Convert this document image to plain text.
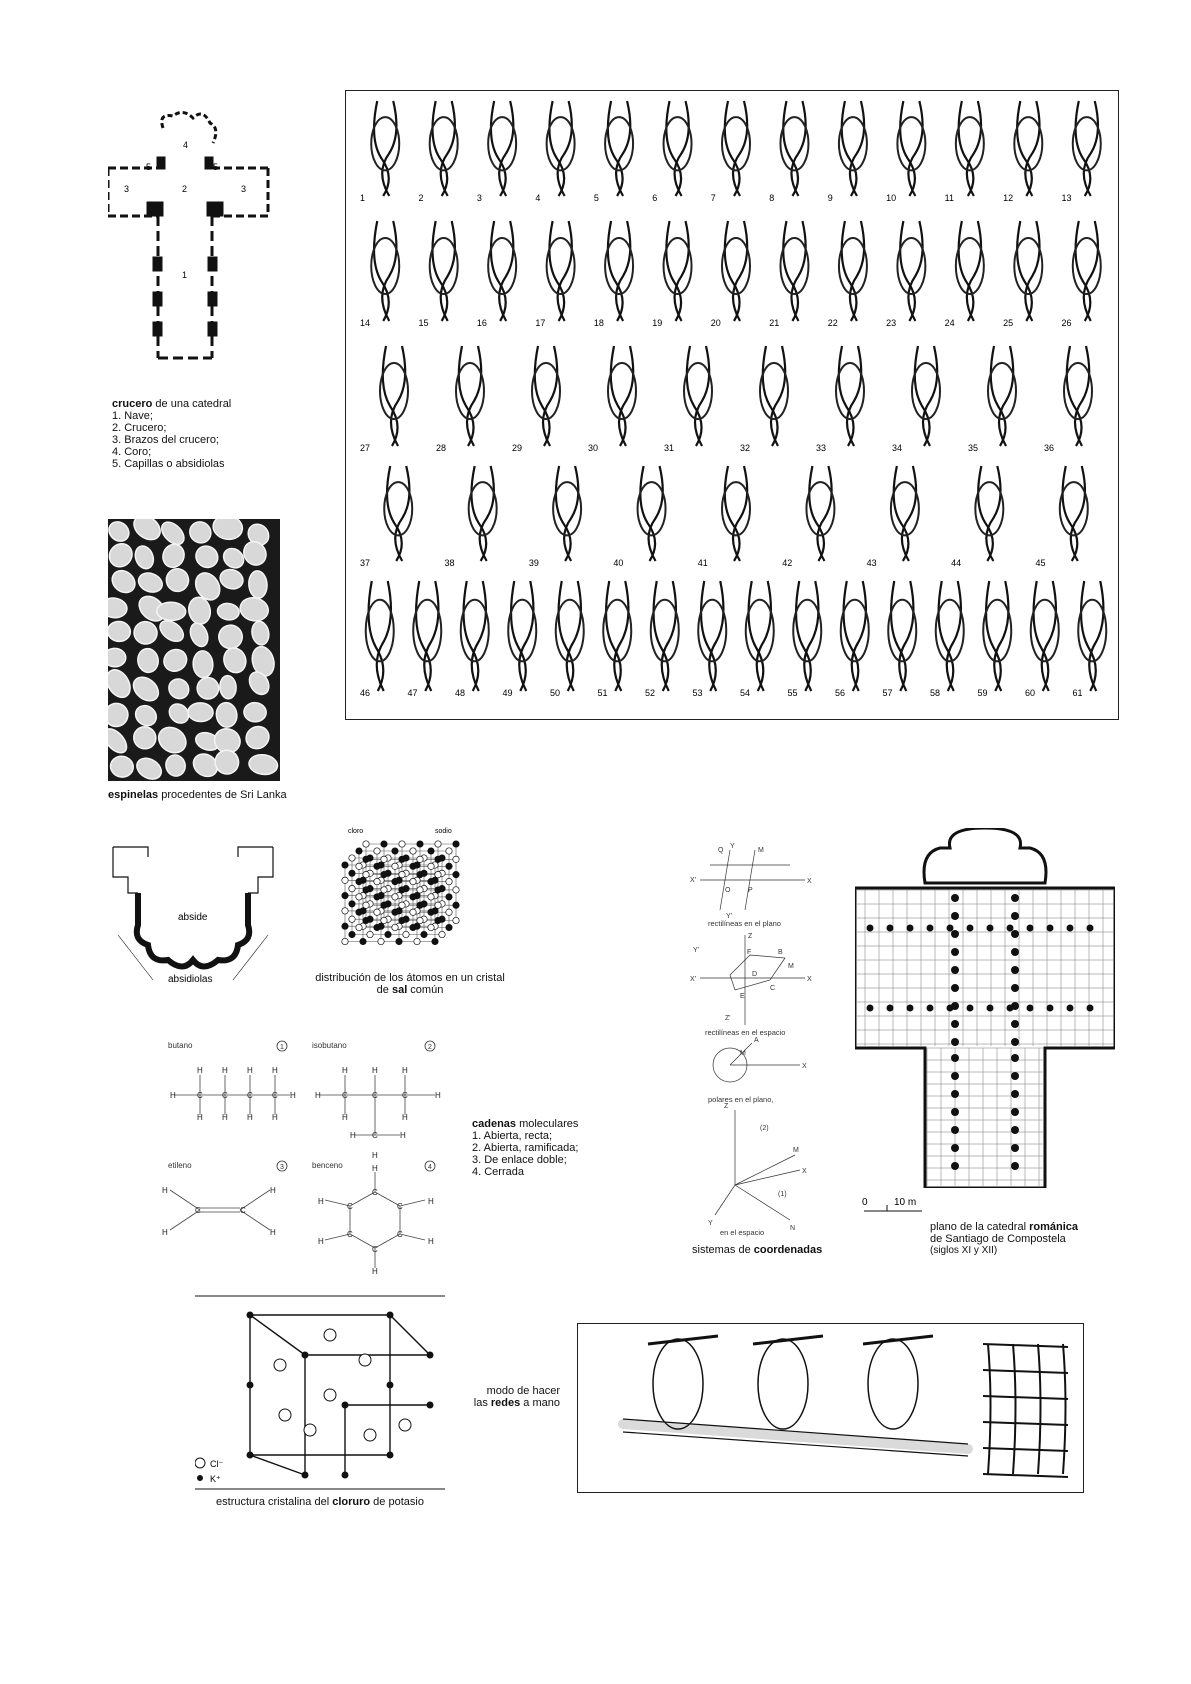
4
5	5
3	2	3
1
crucero de una catedral
1. Nave;
2. Crucero;
3. Brazos del crucero;
4. Coro;
5. Capillas o absidiolas
1	2	3	4	5	6	7	8	9	10	11	12	13
14	15	16	17	18	19	20	21	22	23	24	25	26
27	28	29	30	31	32	33	34	35	36
37	38	39	40	41	42	43	44	45
46	47	48	49	50	51	52	53	54	55	56	57	58	59	60	61
espinelas procedentes de Sri Lanka
abside
absidiolas
cloro	sodio
distribución de los átomos en un cristal
de sal común
butano	isobutano
etileno	benceno
1	2
3	4
H	C C C C H
H H H H
H H H H
H	C	C	C	H
H	H	H
H	H
C
H	H
H
H
H
C	C
H
H
H
H
H	H
H	H
C	C
C	C
C
C
cadenas moleculares
1. Abierta, recta;
2. Abierta, ramificada;
3. De enlace doble;
4. Cerrada
X
Y
Q	M
O	P
X'
Y'
X
Z
X'
Y'	F	B
D
M
E
C
Z'
X
A
M
Z
X
Y
M
N
(2)
(1)
rectilíneas en el plano
rectilíneas en el espacio
polares en el plano,
en el espacio
sistemas de coordenadas
0	10 m
plano de la catedral románica
de Santiago de Compostela
(siglos XI y XII)
Cl⁻
K⁺
estructura cristalina del cloruro de potasio
modo de hacer
las redes a mano
